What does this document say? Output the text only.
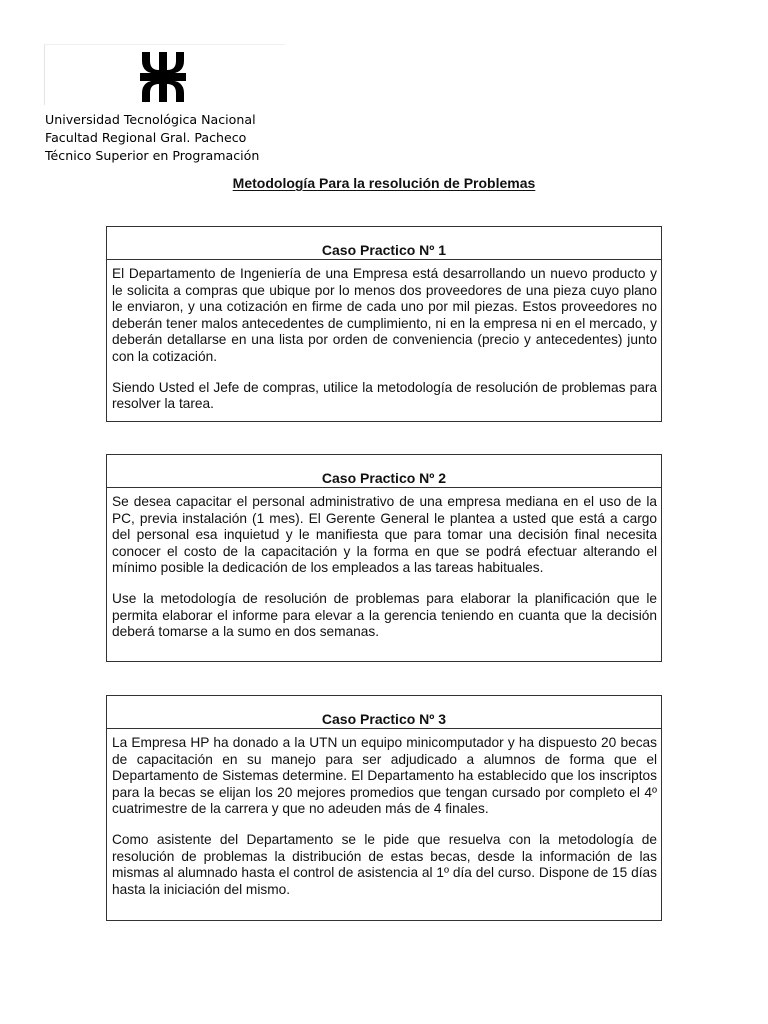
Universidad Tecnológica Nacional
Facultad Regional Gral. Pacheco
Técnico Superior en Programación
Metodología Para la resolución de Problemas
Caso Practico Nº 1

El Departamento de Ingeniería de una Empresa está desarrollando un nuevo producto y le solicita a compras que ubique por lo menos dos proveedores de una pieza cuyo plano le enviaron, y una cotización en firme de cada uno por mil piezas. Estos proveedores no deberán tener malos antecedentes de cumplimiento, ni en la empresa ni en el mercado, y deberán detallarse en una lista por orden de conveniencia (precio y antecedentes) junto con la cotización.

Siendo Usted el Jefe de compras, utilice la metodología de resolución de problemas para resolver la tarea.

Caso Practico Nº 2

Se desea capacitar el personal administrativo de una empresa mediana en el uso de la PC, previa instalación (1 mes). El Gerente General le plantea a usted que está a cargo del personal esa inquietud y le manifiesta que para tomar una decisión final necesita conocer el costo de la capacitación y la forma en que se podrá efectuar alterando el mínimo posible la dedicación de los empleados a las tareas habituales.

Use la metodología de resolución de problemas para elaborar la planificación que le permita elaborar el informe para elevar a la gerencia teniendo en cuanta que la decisión deberá tomarse a la sumo en dos semanas.

Caso Practico Nº 3

La Empresa HP ha donado a la UTN un equipo minicomputador y ha dispuesto 20 becas de capacitación en su manejo para ser adjudicado a alumnos de forma que el Departamento de Sistemas determine. El Departamento ha establecido que los inscriptos para la becas se elijan los 20 mejores promedios que tengan cursado por completo el 4º cuatrimestre de la carrera y que no adeuden más de 4 finales.

Como asistente del Departamento se le pide que resuelva con la metodología de resolución de problemas la distribución de estas becas, desde la información de las mismas al alumnado hasta el control de asistencia al 1º día del curso. Dispone de 15 días hasta la iniciación del mismo.
